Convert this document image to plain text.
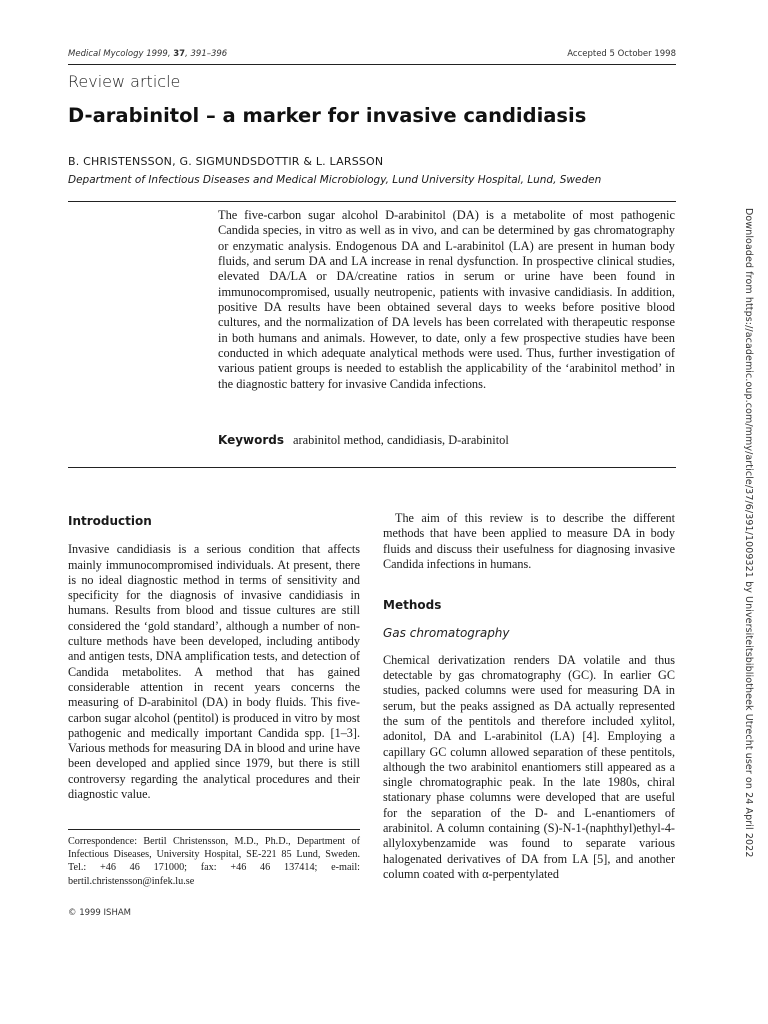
Medical Mycology 1999, 37, 391–396	Accepted 5 October 1998
Review article
D-arabinitol – a marker for invasive candidiasis
B. CHRISTENSSON, G. SIGMUNDSDOTTIR & L. LARSSON
Department of Infectious Diseases and Medical Microbiology, Lund University Hospital, Lund, Sweden
The five-carbon sugar alcohol D-arabinitol (DA) is a metabolite of most pathogenic Candida species, in vitro as well as in vivo, and can be determined by gas chromatography or enzymatic analysis. Endogenous DA and L-arabinitol (LA) are present in human body fluids, and serum DA and LA increase in renal dysfunction. In prospective clinical studies, elevated DA/LA or DA/creatine ratios in serum or urine have been found in immunocompromised, usually neutropenic, patients with invasive candidiasis. In addition, positive DA results have been obtained several days to weeks before positive blood cultures, and the normalization of DA levels has been correlated with therapeutic response in both humans and animals. However, to date, only a few prospective studies have been conducted in which adequate analytical methods were used. Thus, further investigation of various patient groups is needed to establish the applicability of the ‘arabinitol method’ in the diagnostic battery for invasive Candida infections.
Keywords arabinitol method, candidiasis, D-arabinitol
Introduction

Invasive candidiasis is a serious condition that affects mainly immunocompromised individuals. At present, there is no ideal diagnostic method in terms of sensitivity and specificity for the diagnosis of invasive candidiasis in humans. Results from blood and tissue cultures are still considered the ‘gold standard’, although a number of non-culture methods have been developed, including antibody and antigen tests, DNA amplification tests, and detection of Candida metabolites. A method that has gained considerable attention in recent years concerns the measuring of D-arabinitol (DA) in body fluids. This five-carbon sugar alcohol (pentitol) is produced in vitro by most pathogenic and medically important Candida spp. [1–3]. Various methods for measuring DA in blood and urine have been developed and applied since 1979, but there is still controversy regarding the analytical procedures and their diagnostic value.

The aim of this review is to describe the different methods that have been applied to measure DA in body fluids and discuss their usefulness for diagnosing invasive Candida infections in humans.

Methods
Gas chromatography

Chemical derivatization renders DA volatile and thus detectable by gas chromatography (GC). In earlier GC studies, packed columns were used for measuring DA in serum, but the peaks assigned as DA actually represented the sum of the pentitols and therefore included xylitol, adonitol, DA and L-arabinitol (LA) [4]. Employing a capillary GC column allowed separation of these pentitols, although the two arabinitol enantiomers still appeared as a single chromatographic peak. In the late 1980s, chiral stationary phase columns were developed that are useful for the separation of the D- and L-enantiomers of arabinitol. A column containing (S)-N-1-(naphthyl)ethyl-4-allyloxybenzamide was found to separate various halogenated derivatives of DA from LA [5], and another column coated with α-perpentylated

Correspondence: Bertil Christensson, M.D., Ph.D., Department of Infectious Diseases, University Hospital, SE-221 85 Lund, Sweden. Tel.: +46 46 171000; fax: +46 46 137414; e-mail: bertil.christensson@infek.lu.se
© 1999 ISHAM
Downloaded from https://academic.oup.com/mmy/article/37/6/391/1009321 by Universiteitsbibliotheek Utrecht user on 24 April 2022
